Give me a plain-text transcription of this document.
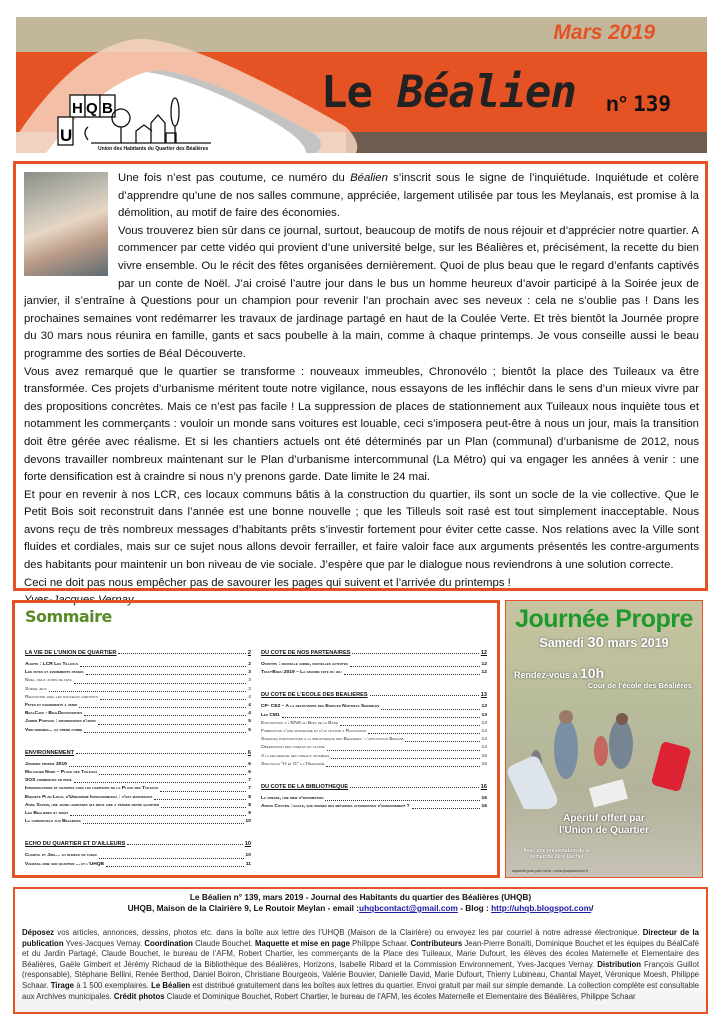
H Q B
U
Union des Habitants du Quartier des Béalières
Mars 2019
Le Béalien n° 139

Une fois n’est pas coutume, ce numéro du Béalien s’inscrit sous le signe de l’inquiétude. Inquiétude et colère d’apprendre qu’une de nos salles commune, appréciée, largement utilisée par tous les Meylanais, est promise à la démolition, au motif de faire des économies.

Vous trouverez bien sûr dans ce journal, surtout, beaucoup de motifs de nous réjouir et d’apprécier notre quartier. A commencer par cette vidéo qui provient d’une université belge, sur les Béalières et, précisément, la recette du bien vivre ensemble. Ou le récit des fêtes organisées dernièrement. Quoi de plus beau que le regard d’enfants captivés par un conte de Noël. J’ai croisé l’autre jour dans le bus un homme heureux d’avoir participé à la Soirée jeux de janvier, il s’entraîne à Questions pour un champion pour revenir l’an prochain avec ses neveux : cela ne s’oublie pas ! Dans les prochaines semaines vont redémarrer les travaux de jardinage partagé en haut de la Coulée Verte. Et très bientôt la Journée propre du 30 mars nous réunira en famille, gants et sacs poubelle à la main, comme à chaque printemps. Je vous conseille aussi le beau programme des sorties de Béal Découverte.

Vous avez remarqué que le quartier se transforme : nouveaux immeubles, Chronovélo ; bientôt la place des Tuileaux va être transformée. Ces projets d’urbanisme méritent toute notre vigilance, nous essayons de les infléchir dans le sens d’un mieux vivre par des propositions concrètes. Mais ce n’est pas facile ! La suppression de places de stationnement aux Tuileaux nous inquiète tous et notamment les commerçants : vouloir un monde sans voitures est louable, ceci s’imposera peut-être à nous un jour, mais la transition doit être gérée avec réalisme. Et si les chantiers actuels ont été déterminés par un Plan (communal) d’urbanisme de 2012, nous devons travailler nombreux maintenant sur le Plan d’urbanisme intercommunal (La Métro) qui va engager les années à venir : une forte densification est à craindre si nous n’y prenons garde. Date limite le 24 mai.

Et pour en revenir à nos LCR, ces locaux communs bâtis à la construction du quartier, ils sont un socle de la vie collective. Que le Petit Bois soit reconstruit dans l’année est une bonne nouvelle ; que les Tilleuls soit rasé est tout simplement inacceptable. Nous avons reçu de très nombreux messages d’habitants prêts s’investir fortement pour éviter cette casse. Nos relations avec la Ville sont fluides et cordiales, mais sur ce sujet nous allons devoir ferrailler, et faire valoir face aux arguments présentés les contre-arguments des habitants pour maintenir un bon niveau de vie sociale. J’espère que par le dialogue nous reviendrons à une solution correcte.

Ceci ne doit pas nous empêcher pas de savourer les pages qui suivent et l’arrivée du printemps !

Yves-Jacques Vernay

Sommaire
LA VIE DE L’UNION DE QUARTIER	2
Alerte : LCR Les Tilleuls	2
Les fetes et evenements passes	3
Noël, deux jours de fete	3
Soiree jeux	3
Rencontre avec les nouveaux habitants	4
Fetes et evenements a venir	4
BealCafe - BealDecouvertes	4
Jardin Partage : informations d’hiver	5
Vide-grenier... ça prend forme	5
ENVIRONNEMENT	6
Journee propre 2019	6
Malacher Nord – Place des Tuileaux	6
SOS commerces en peril	7
Interrogations et craintes chez les habitants de la Place des Tuileaux	7
Enquete Plan Local d’Urbanisme Intercommunal : c’est maintenant	8
Anna Savkin, une jeune habitante qui nous aide a penser notre quartier	8
Les Bealieres by night	9
La chronovelo aux Bealieres	10
ECHO DU QUARTIER ET D’AILLEURS	10
Chantal et Joël... au bureau de tabac	10
Vanessa aime son quartier ... et l’UHQB	11
DU COTE DE NOS PARTENAIRES	12
Ouistitis : nouvelle annee, nouvelles activites	12
Tohu-Bohu 2019 – La grande fete du jeu	12
DU COTE DE L’ECOLE DES BEALIERES	13
CP- CE2 – A la decouverte des Espaces Naturels Sensibles	13
Les CM1	13
Exploration a l’ENS du Bois de la Batie	13
Fabrication d’une mangeoire et d’un nichoir a Rochasson	14
Sciences participatives a la bibliotheque des Bealieres : l’application Birdlab	14
Observation des oiseaux en classe	14
A la recherche des oiseaux invisibles	15
Spectacle "H et G" a l’Hexagone	15
DU COTE DE LA BIBLIOTHEQUE	16
La presse, une mine d’information	16
Apero Citoyen : ecole, que penser des methodes alternatives d’enseignement ?	16
Journée Propre
Samedi 30 mars 2019
Rendez-vous à 10h
Cour de l’école des Béalières
Apéritif offert par
l’Union de Quartier
Avec une présentation de la démarche Zéro Déchet
aquarelle jean-paul roche • www.jeanpaulroche.fr
Le Béalien n° 139, mars 2019 - Journal des Habitants du quartier des Béalières (UHQB)
UHQB, Maison de la Clairière 9, Le Routoir Meylan - email :uhqbcontact@gmail.com - Blog : http://uhqb.blogspot.com/
Déposez vos articles, annonces, dessins, photos etc. dans la boîte aux lettre des l’UHQB (Maison de la Clairière) ou envoyez les par courriel à notre adresse électronique. Directeur de la publication Yves-Jacques Vernay. Coordination Claude Bouchet. Maquette et mise en page Philippe Schaar. Contributeurs Jean-Pierre Bonaïti, Dominique Bouchet et les équipes du BéalCafé et du Jardin Partagé, Claude Bouchet, le bureau de l’AFM, Robert Chartier, les commerçants de la Place des Tuileaux, Marie Dufourt, les élèves des écoles Maternelle et Elementaire des Béalières, Gaële Gimbert et Jérémy Richaud de la Bibliothèque des Béalières, Horizons, Isabelle Ribard et la Commission Environnement, Yves-Jacques Vernay. Distribution François Guillot (responsable), Stéphane Bellini, Renée Berthod, Daniel Boiron, Christiane Bourgeois, Valérie Bouvier, Danielle David, Marie Dufourt, Thierry Lubineau, Chantal Mayet, Véronique Moesh, Philippe Schaar. Tirage à 1 500 exemplaires. Le Béalien est distribué gratuitement dans les boîtes aux lettres du quartier. Envoi gratuit par mail sur simple demande. La collection complète est consultable aux Archives municipales. Crédit photos Claude et Dominique Bouchet, Robert Chartier, le bureau de l’AFM, les écoles Maternelle et Elementaire des Béalières, Philippe Schaar
